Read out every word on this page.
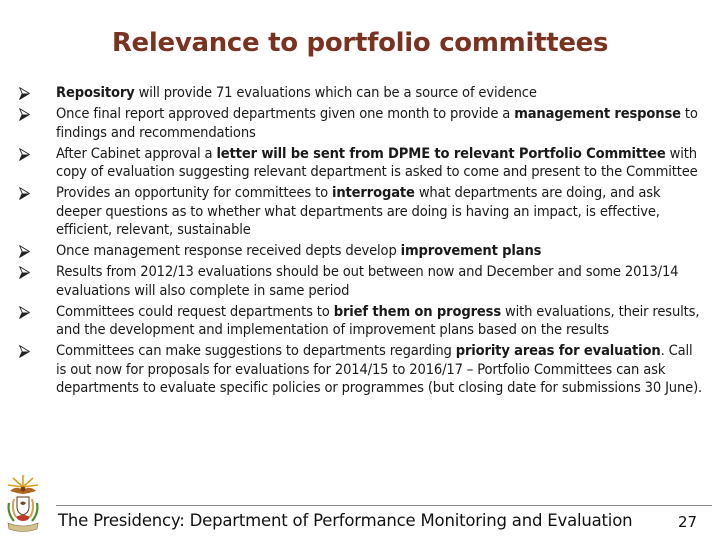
Relevance to portfolio committees
Repository will provide 71 evaluations which can be a source of evidence
Once final report approved departments given one month to provide a management response to findings and recommendations
After Cabinet approval a letter will be sent from DPME to relevant Portfolio Committee with copy of evaluation suggesting relevant department is asked to come and present to the Committee
Provides an opportunity for committees to interrogate what departments are doing, and ask deeper questions as to whether what departments are doing is having an impact, is effective, efficient, relevant, sustainable
Once management response received depts develop improvement plans
Results from 2012/13 evaluations should be out between now and December and some 2013/14 evaluations will also complete in same period
Committees could request departments to brief them on progress with evaluations, their results, and the development and implementation of improvement plans based on the results
Committees can make suggestions to departments regarding priority areas for evaluation. Call is out now for proposals for evaluations for 2014/15 to 2016/17 – Portfolio Committees can ask departments to evaluate specific policies or programmes (but closing date for submissions 30 June).
The Presidency: Department of Performance Monitoring and Evaluation	27
